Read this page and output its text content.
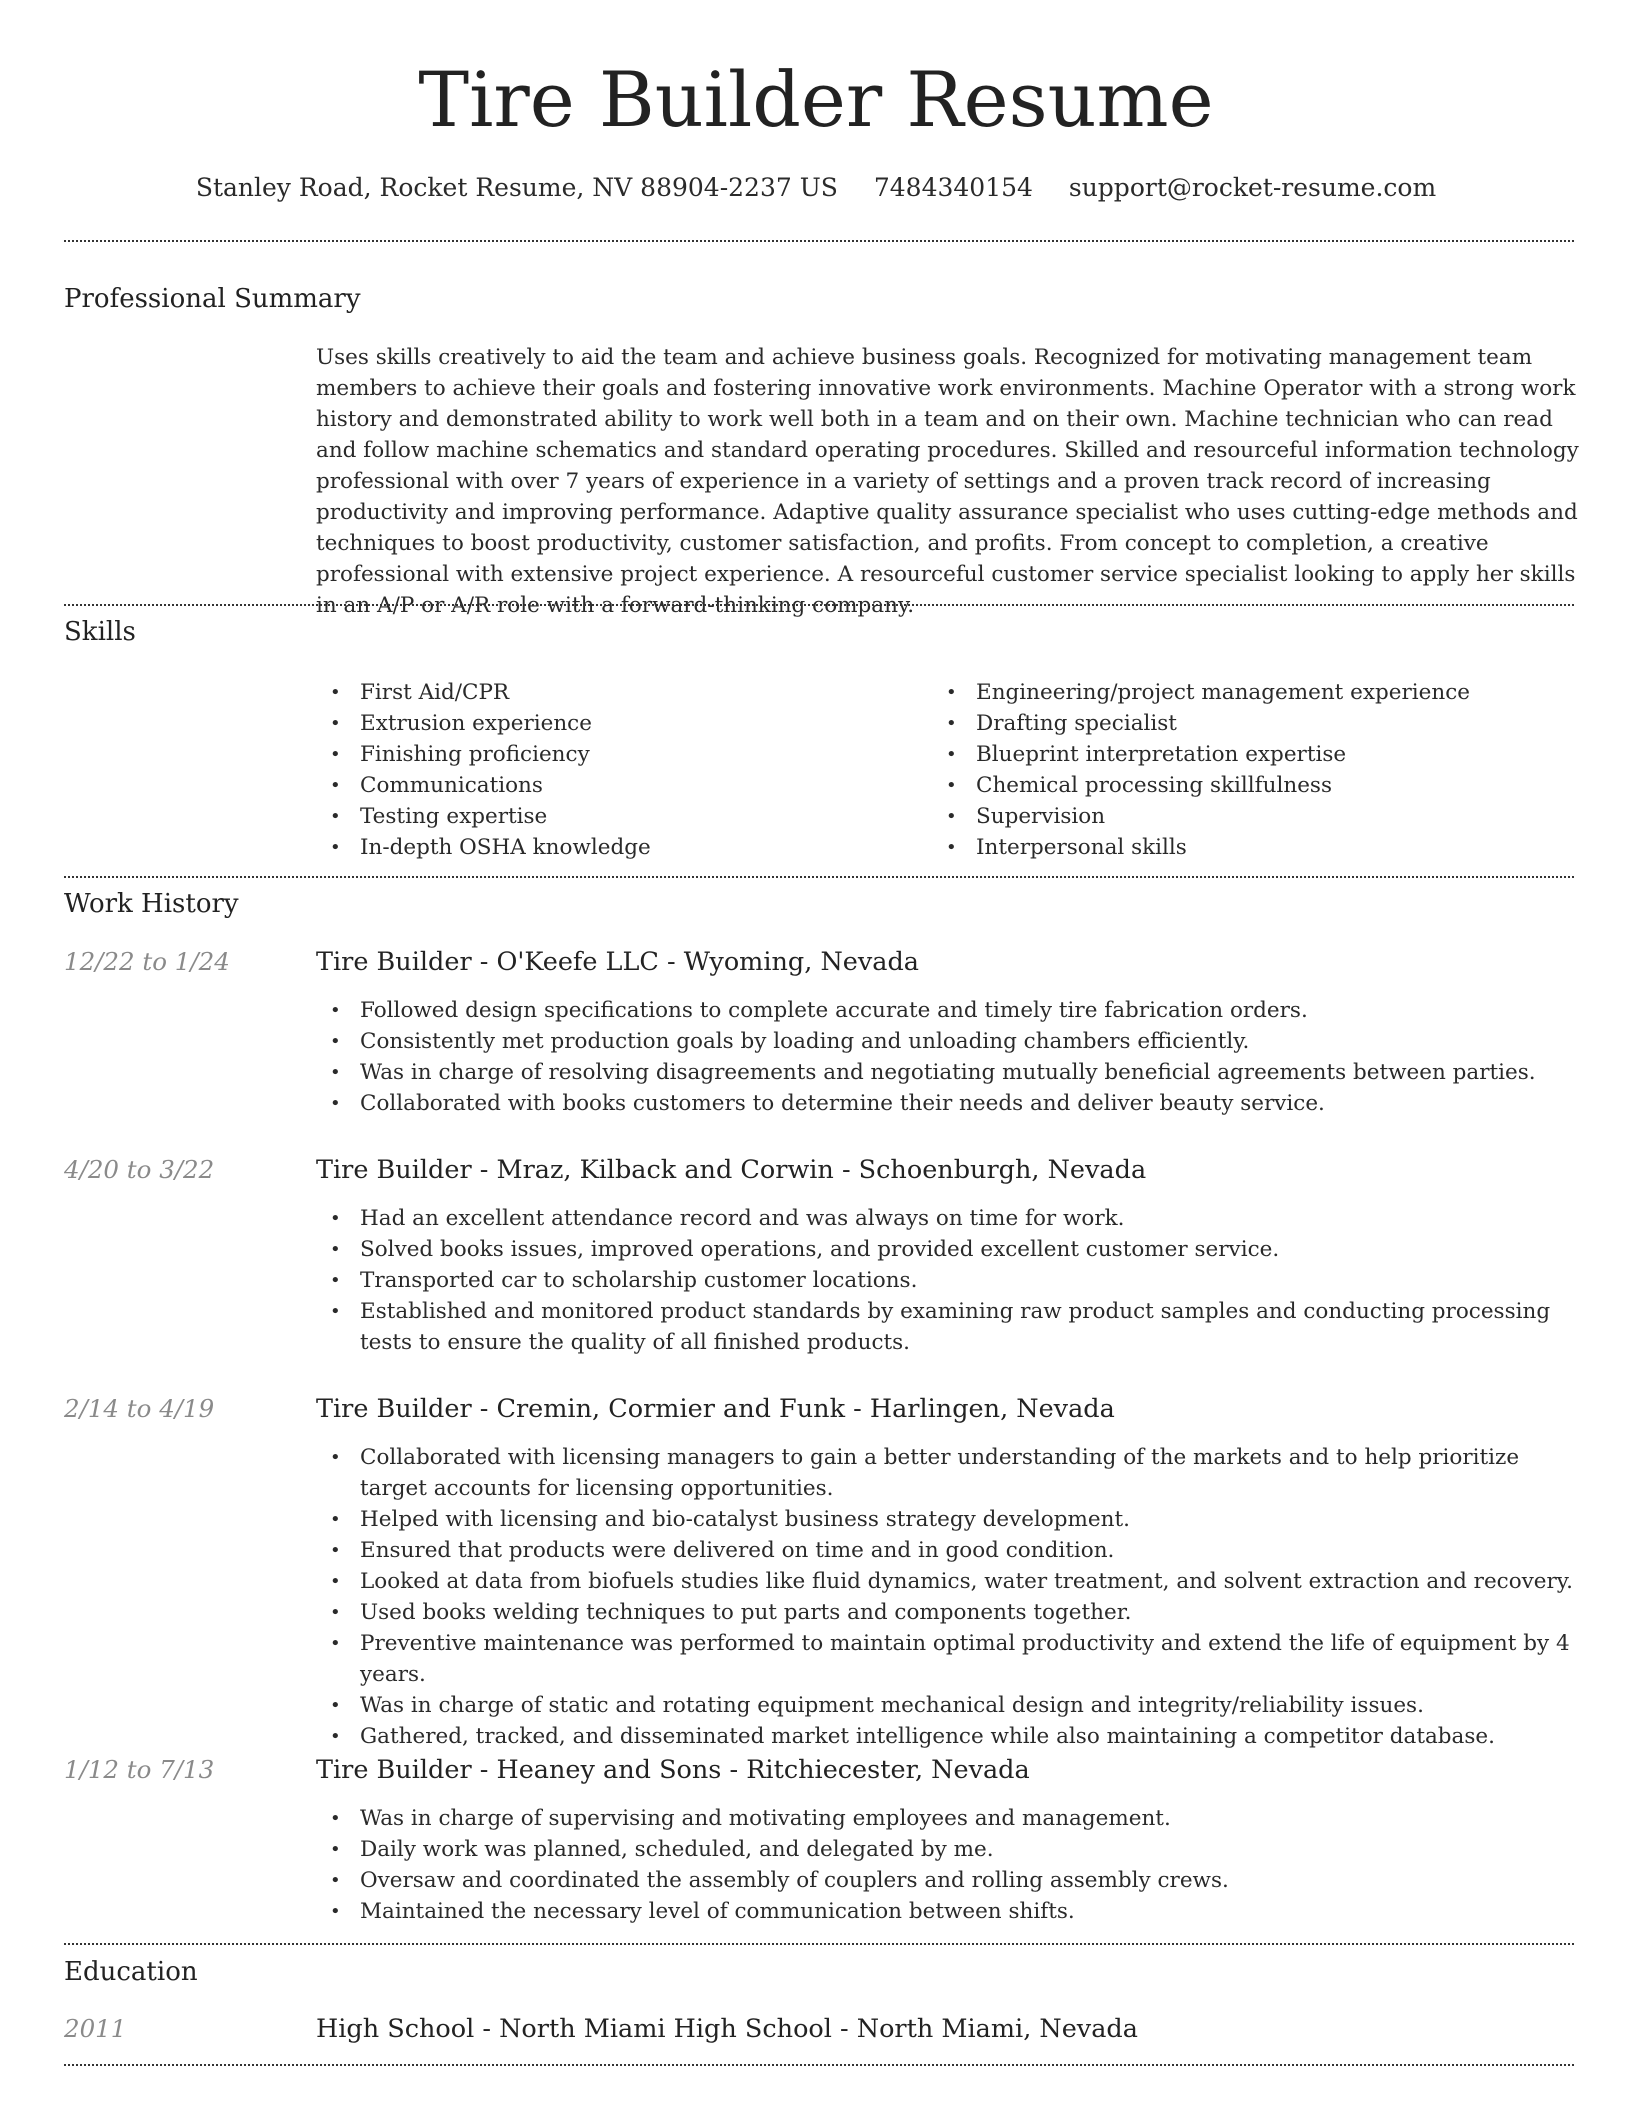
Tire Builder Resume
Stanley Road, Rocket Resume, NV 88904-2237 US 7484340154 support@rocket-resume.com
Professional Summary
Uses skills creatively to aid the team and achieve business goals. Recognized for motivating management team members to achieve their goals and fostering innovative work environments. Machine Operator with a strong work history and demonstrated ability to work well both in a team and on their own. Machine technician who can read and follow machine schematics and standard operating procedures. Skilled and resourceful information technology professional with over 7 years of experience in a variety of settings and a proven track record of increasing productivity and improving performance. Adaptive quality assurance specialist who uses cutting-edge methods and techniques to boost productivity, customer satisfaction, and profits. From concept to completion, a creative professional with extensive project experience. A resourceful customer service specialist looking to apply her skills in an A/P or A/R role with a forward-thinking company.
Skills
• First Aid/CPR
• Extrusion experience
• Finishing proficiency
• Communications
• Testing expertise
• In-depth OSHA knowledge
• Engineering/project management experience
• Drafting specialist
• Blueprint interpretation expertise
• Chemical processing skillfulness
• Supervision
• Interpersonal skills
Work History
12/22 to 1/24	Tire Builder - O'Keefe LLC - Wyoming, Nevada
• Followed design specifications to complete accurate and timely tire fabrication orders.
• Consistently met production goals by loading and unloading chambers efficiently.
• Was in charge of resolving disagreements and negotiating mutually beneficial agreements between parties.
• Collaborated with books customers to determine their needs and deliver beauty service.
4/20 to 3/22	Tire Builder - Mraz, Kilback and Corwin - Schoenburgh, Nevada
• Had an excellent attendance record and was always on time for work.
• Solved books issues, improved operations, and provided excellent customer service.
• Transported car to scholarship customer locations.
• Established and monitored product standards by examining raw product samples and conducting processing tests to ensure the quality of all finished products.
2/14 to 4/19	Tire Builder - Cremin, Cormier and Funk - Harlingen, Nevada
• Collaborated with licensing managers to gain a better understanding of the markets and to help prioritize target accounts for licensing opportunities.
• Helped with licensing and bio-catalyst business strategy development.
• Ensured that products were delivered on time and in good condition.
• Looked at data from biofuels studies like fluid dynamics, water treatment, and solvent extraction and recovery.
• Used books welding techniques to put parts and components together.
• Preventive maintenance was performed to maintain optimal productivity and extend the life of equipment by 4 years.
• Was in charge of static and rotating equipment mechanical design and integrity/reliability issues.
• Gathered, tracked, and disseminated market intelligence while also maintaining a competitor database.
1/12 to 7/13	Tire Builder - Heaney and Sons - Ritchiecester, Nevada
• Was in charge of supervising and motivating employees and management.
• Daily work was planned, scheduled, and delegated by me.
• Oversaw and coordinated the assembly of couplers and rolling assembly crews.
• Maintained the necessary level of communication between shifts.
Education
2011	High School - North Miami High School - North Miami, Nevada
